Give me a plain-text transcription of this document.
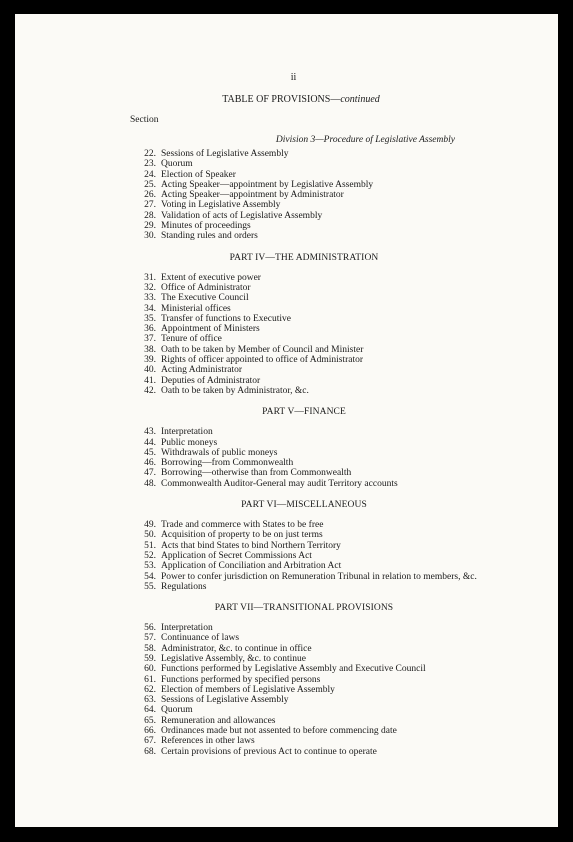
ii
TABLE OF PROVISIONS—continued
Section
Division 3—Procedure of Legislative Assembly
22. Sessions of Legislative Assembly
23. Quorum
24. Election of Speaker
25. Acting Speaker—appointment by Legislative Assembly
26. Acting Speaker—appointment by Administrator
27. Voting in Legislative Assembly
28. Validation of acts of Legislative Assembly
29. Minutes of proceedings
30. Standing rules and orders
PART IV—THE ADMINISTRATION
31. Extent of executive power
32. Office of Administrator
33. The Executive Council
34. Ministerial offices
35. Transfer of functions to Executive
36. Appointment of Ministers
37. Tenure of office
38. Oath to be taken by Member of Council and Minister
39. Rights of officer appointed to office of Administrator
40. Acting Administrator
41. Deputies of Administrator
42. Oath to be taken by Administrator, &c.
PART V—FINANCE
43. Interpretation
44. Public moneys
45. Withdrawals of public moneys
46. Borrowing—from Commonwealth
47. Borrowing—otherwise than from Commonwealth
48. Commonwealth Auditor-General may audit Territory accounts
PART VI—MISCELLANEOUS
49. Trade and commerce with States to be free
50. Acquisition of property to be on just terms
51. Acts that bind States to bind Northern Territory
52. Application of Secret Commissions Act
53. Application of Conciliation and Arbitration Act
54. Power to confer jurisdiction on Remuneration Tribunal in relation to members, &c.
55. Regulations
PART VII—TRANSITIONAL PROVISIONS
56. Interpretation
57. Continuance of laws
58. Administrator, &c. to continue in office
59. Legislative Assembly, &c. to continue
60. Functions performed by Legislative Assembly and Executive Council
61. Functions performed by specified persons
62. Election of members of Legislative Assembly
63. Sessions of Legislative Assembly
64. Quorum
65. Remuneration and allowances
66. Ordinances made but not assented to before commencing date
67. References in other laws
68. Certain provisions of previous Act to continue to operate
